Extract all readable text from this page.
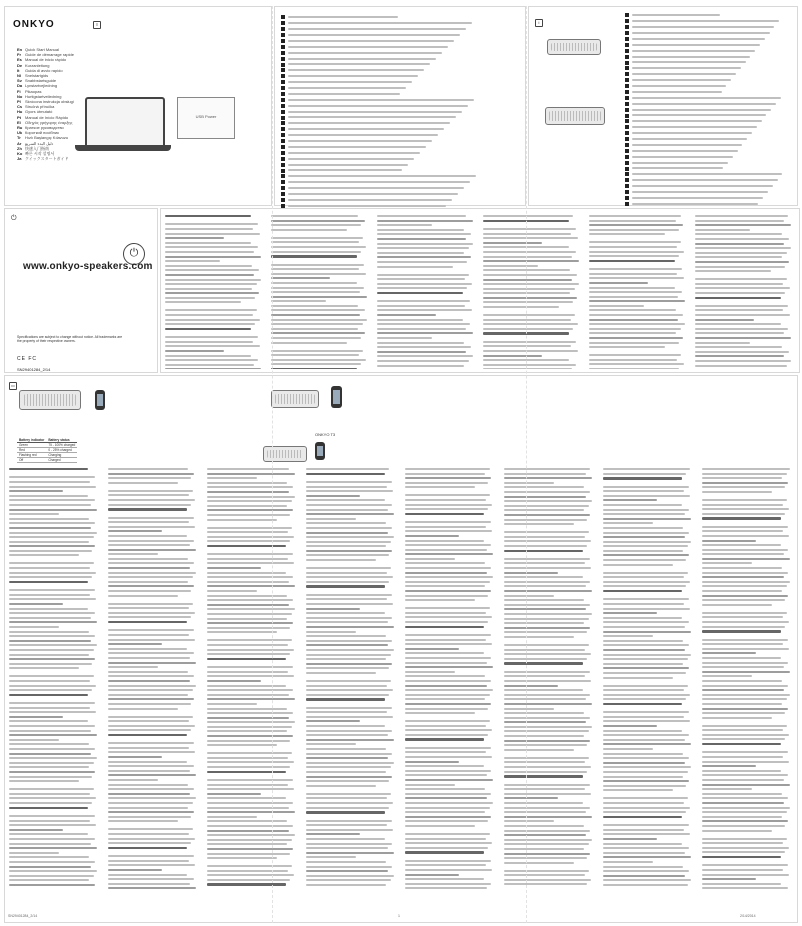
ONKYO	≡
En Quick Start Manual
Fr Guide de démarrage rapide
Es Manual de inicio rápido
De Kurzanleitung
It Guida di avvio rapido
Nl Snelstartgids
Sv Snabbstartsguide
Da Lynstartvejledning
Fi Pikaopas
No Hurtigstartveiledning
Pl Skrócona instrukcja obsługi
Cs Stručná příručka
Hu Gyors útmutató
Pt Manual de Início Rápido
El Οδηγός γρήγορης έναρξης
Ru Краткое руководство
Uk Короткий посібник
Tr Hızlı Başlangıç Kılavuzu
Ar دليل البدء السريع
Zh 快速入门指南
Ko 빠른 시작 설명서
Ja クイックスタートガイド
USB Power
i
⏻
⏻
www.onkyo-speakers.com
Specifications are subject to change without notice. All trademarks are the property of their respective owners.
CE FC
SN29401284_2/14
▭
Battery indicator	Battery status
Green	75 - 100% charged
Red	0 - 25% charged
Flashing red	Charging
Off	Charged
ONKYO T3
SN29401284_2/14	1	2/14/2014
